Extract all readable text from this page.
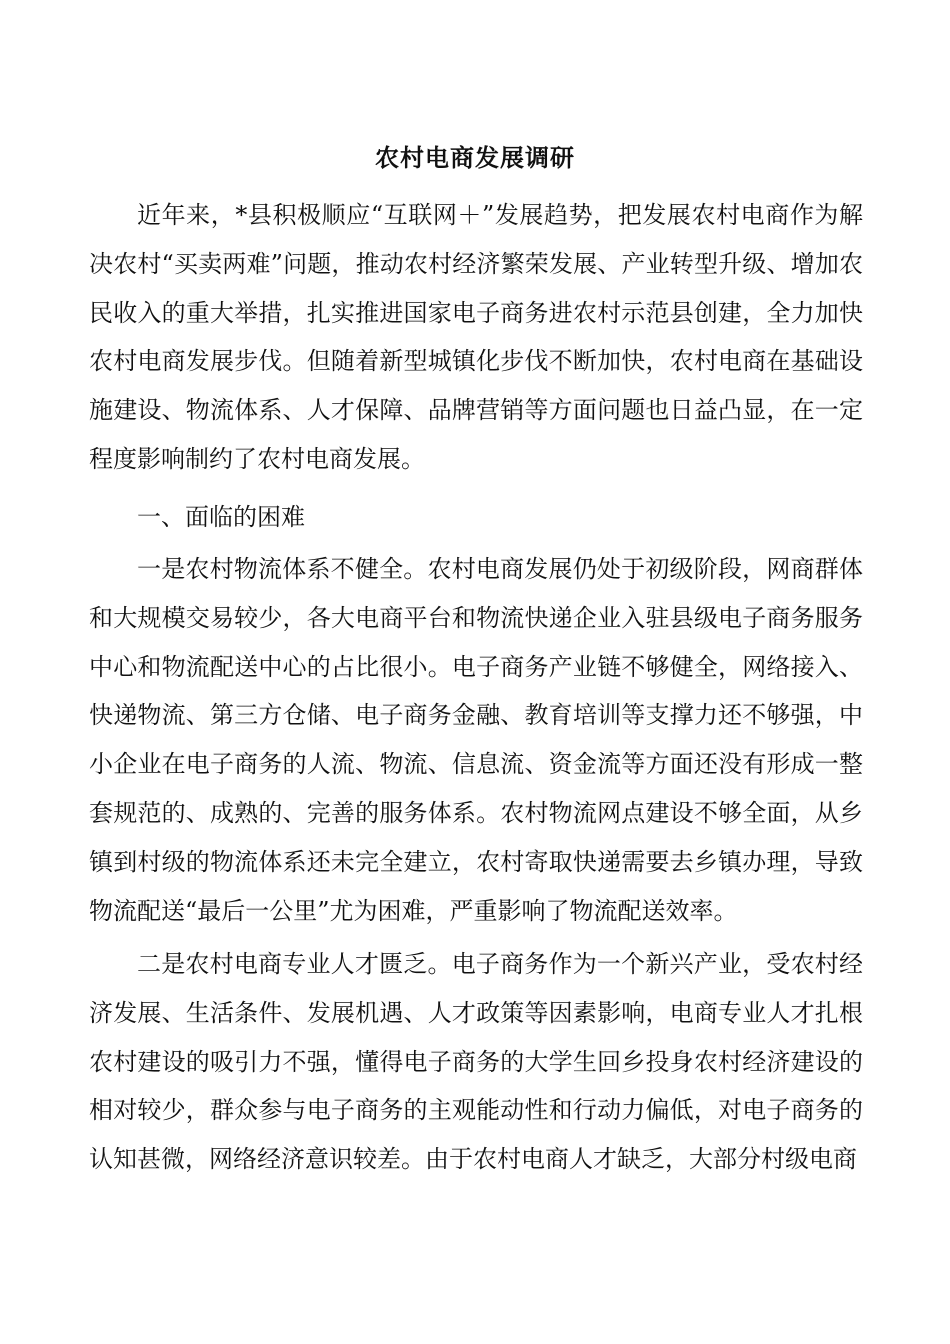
农村电商发展调研

近年来，*县积极顺应“互联网＋”发展趋势，把发展农村电商作为解决农村“买卖两难”问题，推动农村经济繁荣发展、产业转型升级、增加农民收入的重大举措，扎实推进国家电子商务进农村示范县创建，全力加快农村电商发展步伐。但随着新型城镇化步伐不断加快，农村电商在基础设施建设、物流体系、人才保障、品牌营销等方面问题也日益凸显，在一定程度影响制约了农村电商发展。

一、面临的困难

一是农村物流体系不健全。农村电商发展仍处于初级阶段，网商群体和大规模交易较少，各大电商平台和物流快递企业入驻县级电子商务服务中心和物流配送中心的占比很小。电子商务产业链不够健全，网络接入、快递物流、第三方仓储、电子商务金融、教育培训等支撑力还不够强，中小企业在电子商务的人流、物流、信息流、资金流等方面还没有形成一整套规范的、成熟的、完善的服务体系。农村物流网点建设不够全面，从乡镇到村级的物流体系还未完全建立，农村寄取快递需要去乡镇办理，导致物流配送“最后一公里”尤为困难，严重影响了物流配送效率。

二是农村电商专业人才匮乏。电子商务作为一个新兴产业，受农村经济发展、生活条件、发展机遇、人才政策等因素影响，电商专业人才扎根农村建设的吸引力不强，懂得电子商务的大学生回乡投身农村经济建设的相对较少，群众参与电子商务的主观能动性和行动力偏低，对电子商务的认知甚微，网络经济意识较差。由于农村电商人才缺乏，大部分村级电商
